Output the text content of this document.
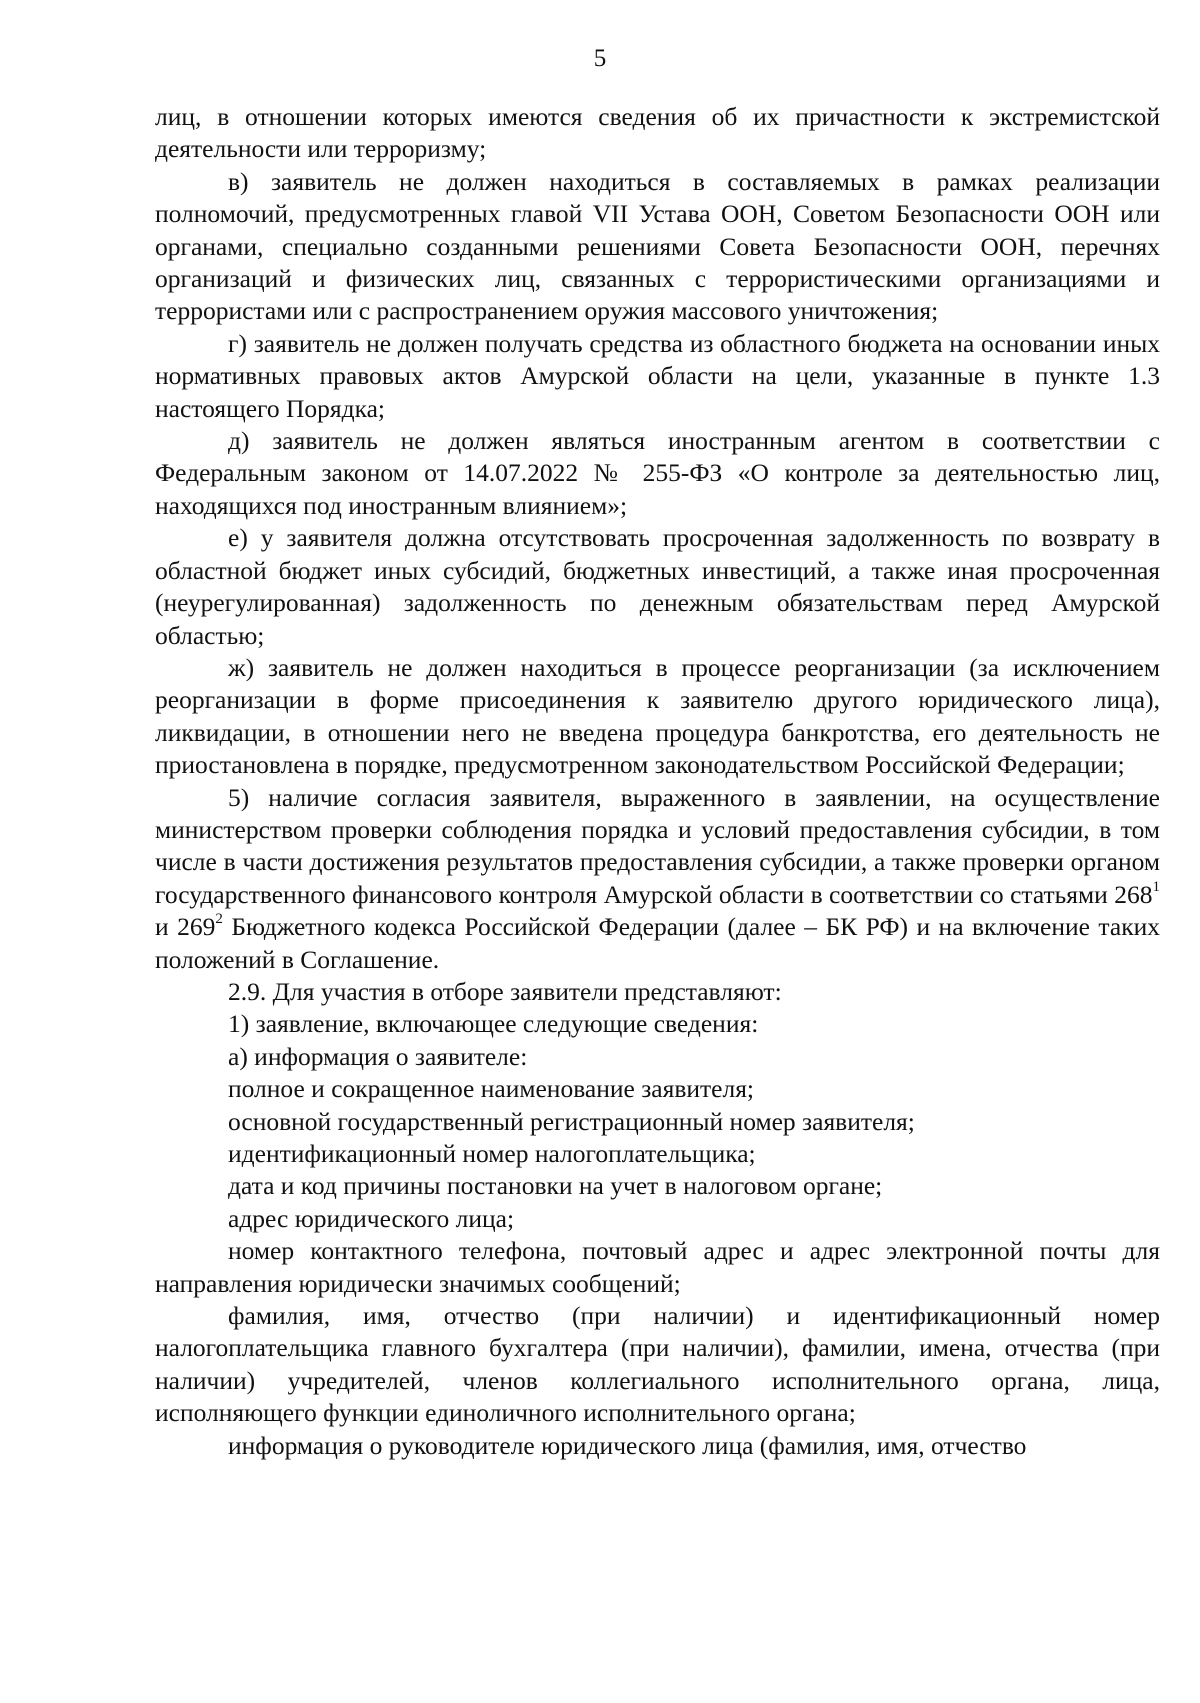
5

лиц, в отношении которых имеются сведения об их причастности к экстремистской деятельности или терроризму;

в) заявитель не должен находиться в составляемых в рамках реализации полномочий, предусмотренных главой VII Устава ООН, Советом Безопасности ООН или органами, специально созданными решениями Совета Безопасности ООН, перечнях организаций и физических лиц, связанных с террористическими организациями и террористами или с распространением оружия массового уничтожения;

г) заявитель не должен получать средства из областного бюджета на основании иных нормативных правовых актов Амурской области на цели, указанные в пункте 1.3 настоящего Порядка;

д) заявитель не должен являться иностранным агентом в соответствии с Федеральным законом от 14.07.2022 № 255-ФЗ «О контроле за деятельностью лиц, находящихся под иностранным влиянием»;

е) у заявителя должна отсутствовать просроченная задолженность по возврату в областной бюджет иных субсидий, бюджетных инвестиций, а также иная просроченная (неурегулированная) задолженность по денежным обязательствам перед Амурской областью;

ж) заявитель не должен находиться в процессе реорганизации (за исключением реорганизации в форме присоединения к заявителю другого юридического лица), ликвидации, в отношении него не введена процедура банкротства, его деятельность не приостановлена в порядке, предусмотренном законодательством Российской Федерации;

5) наличие согласия заявителя, выраженного в заявлении, на осуществление министерством проверки соблюдения порядка и условий предоставления субсидии, в том числе в части достижения результатов предоставления субсидии, а также проверки органом государственного финансового контроля Амурской области в соответствии со статьями $268^1$ и $269^2$ Бюджетного кодекса Российской Федерации (далее – БК РФ) и на включение таких положений в Соглашение.

2.9. Для участия в отборе заявители представляют:

1) заявление, включающее следующие сведения:

а) информация о заявителе:

полное и сокращенное наименование заявителя;

основной государственный регистрационный номер заявителя;

идентификационный номер налогоплательщика;

дата и код причины постановки на учет в налоговом органе;

адрес юридического лица;

номер контактного телефона, почтовый адрес и адрес электронной почты для направления юридически значимых сообщений;

фамилия, имя, отчество (при наличии) и идентификационный номер налогоплательщика главного бухгалтера (при наличии), фамилии, имена, отчества (при наличии) учредителей, членов коллегиального исполнительного органа, лица, исполняющего функции единоличного исполнительного органа;

информация о руководителе юридического лица (фамилия, имя, отчество
